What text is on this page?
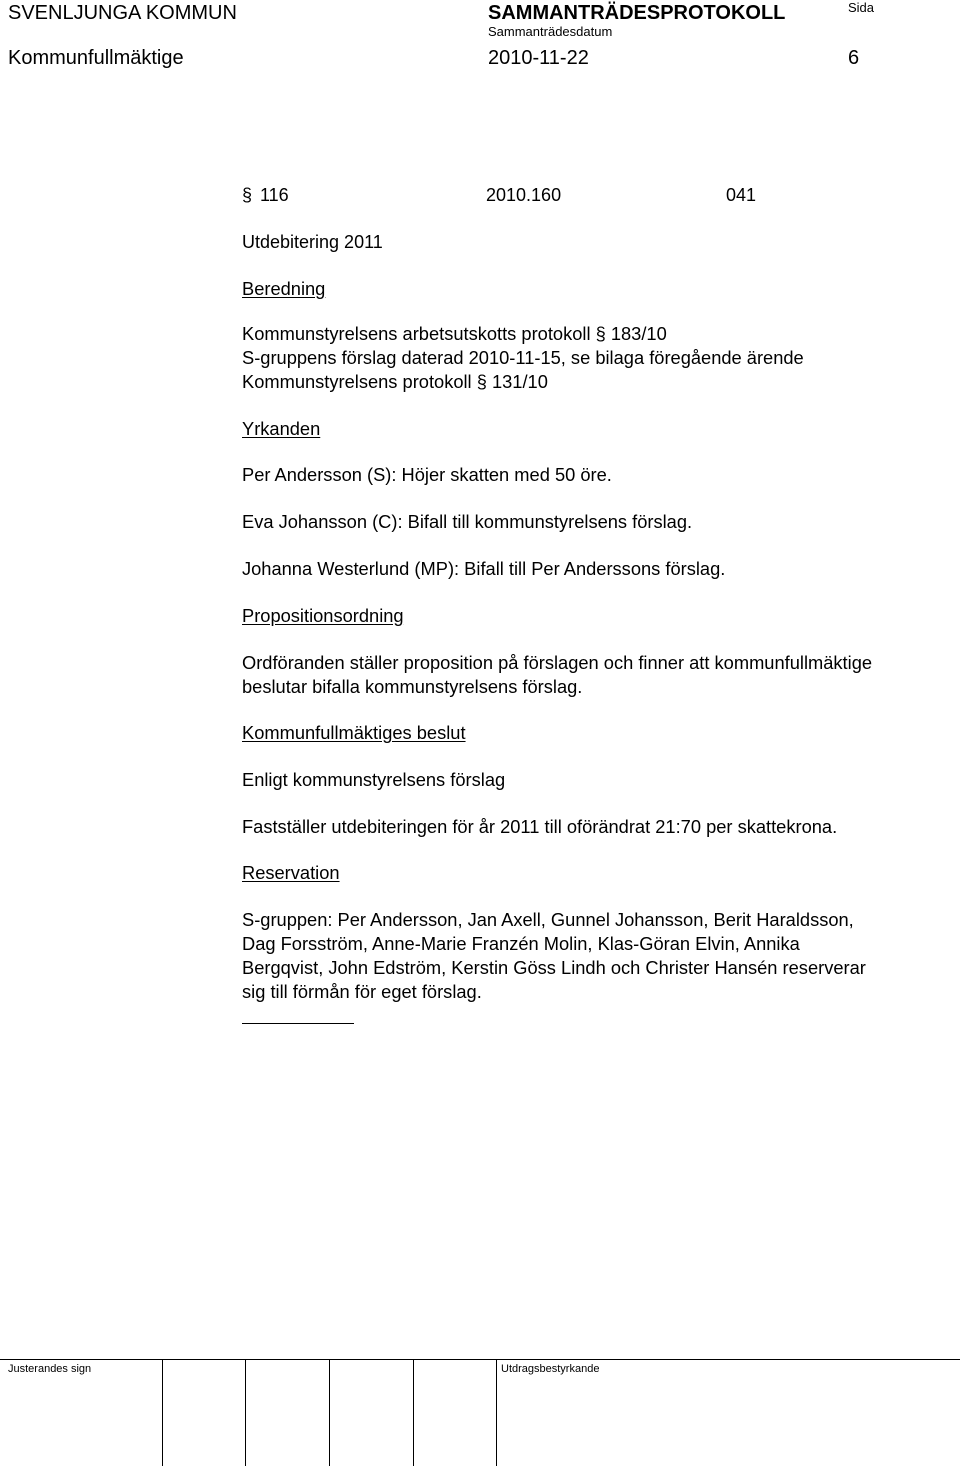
SVENLJUNGA KOMMUN	SAMMANTRÄDESPROTOKOLL	Sida
Sammanträdesdatum
Kommunfullmäktige	2010-11-22	6
§ 116	2010.160	041
Utdebitering 2011
Beredning
Kommunstyrelsens arbetsutskotts protokoll § 183/10
S-gruppens förslag daterad 2010-11-15, se bilaga föregående ärende
Kommunstyrelsens protokoll § 131/10
Yrkanden
Per Andersson (S): Höjer skatten med 50 öre.
Eva Johansson (C): Bifall till kommunstyrelsens förslag.
Johanna Westerlund (MP): Bifall till Per Anderssons förslag.
Propositionsordning
Ordföranden ställer proposition på förslagen och finner att kommunfullmäktige
beslutar bifalla kommunstyrelsens förslag.
Kommunfullmäktiges beslut
Enligt kommunstyrelsens förslag
Fastställer utdebiteringen för år 2011 till oförändrat 21:70 per skattekrona.
Reservation
S-gruppen: Per Andersson, Jan Axell, Gunnel Johansson, Berit Haraldsson,
Dag Forsström, Anne-Marie Franzén Molin, Klas-Göran Elvin, Annika
Bergqvist, John Edström, Kerstin Göss Lindh och Christer Hansén reserverar
sig till förmån för eget förslag.
Justerandes sign	Utdragsbestyrkande
